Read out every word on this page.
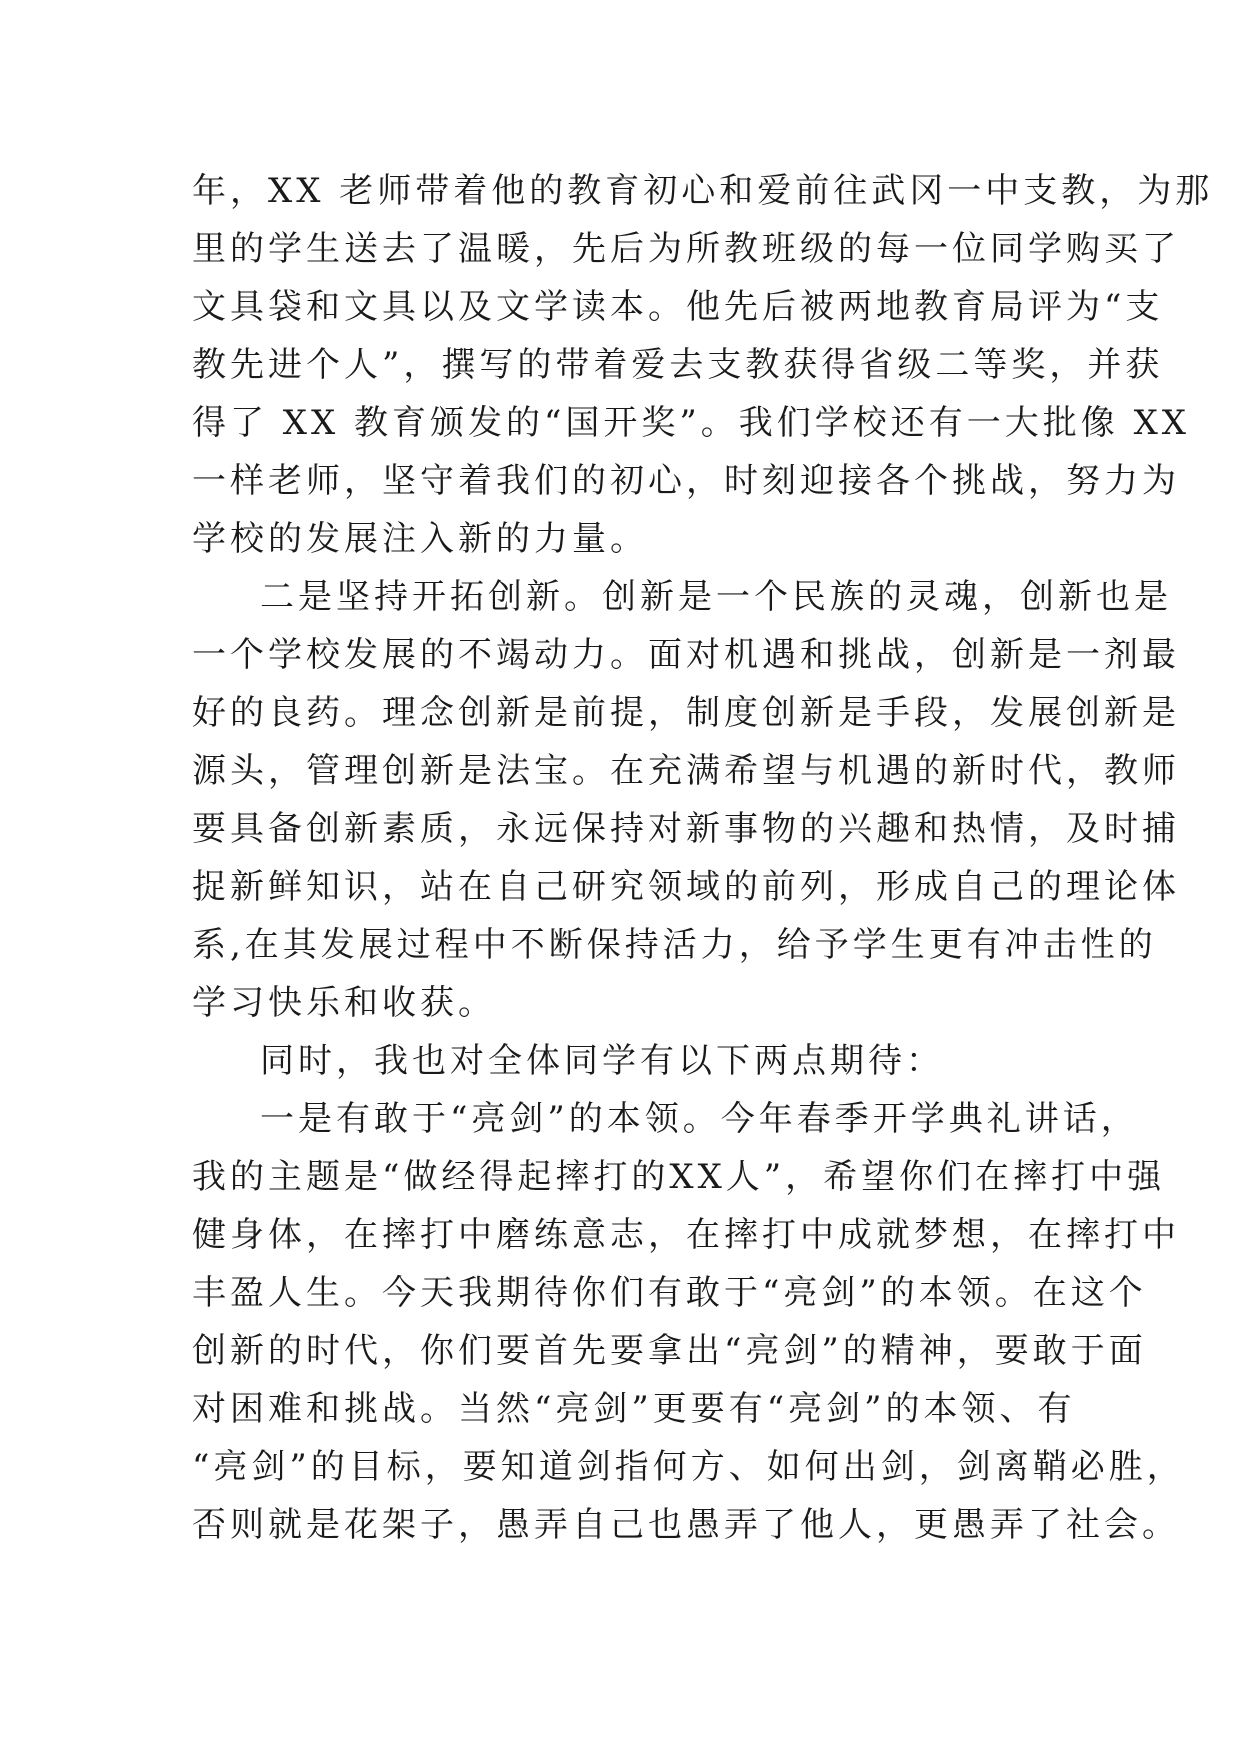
年，XX 老师带着他的教育初心和爱前往武冈一中支教，为那
里的学生送去了温暖，先后为所教班级的每一位同学购买了
文具袋和文具以及文学读本。他先后被两地教育局评为“支
教先进个人”，撰写的带着爱去支教获得省级二等奖，并获
得了 XX 教育颁发的“国开奖”。我们学校还有一大批像 XX
一样老师，坚守着我们的初心，时刻迎接各个挑战，努力为
学校的发展注入新的力量。
二是坚持开拓创新。创新是一个民族的灵魂，创新也是
一个学校发展的不竭动力。面对机遇和挑战，创新是一剂最
好的良药。理念创新是前提，制度创新是手段，发展创新是
源头，管理创新是法宝。在充满希望与机遇的新时代，教师
要具备创新素质，永远保持对新事物的兴趣和热情，及时捕
捉新鲜知识，站在自己研究领域的前列，形成自己的理论体
系,在其发展过程中不断保持活力，给予学生更有冲击性的
学习快乐和收获。
同时，我也对全体同学有以下两点期待：
一是有敢于“亮剑”的本领。今年春季开学典礼讲话，
我的主题是“做经得起摔打的XX人”，希望你们在摔打中强
健身体，在摔打中磨练意志，在摔打中成就梦想，在摔打中
丰盈人生。今天我期待你们有敢于“亮剑”的本领。在这个
创新的时代，你们要首先要拿出“亮剑”的精神，要敢于面
对困难和挑战。当然“亮剑”更要有“亮剑”的本领、有
“亮剑”的目标，要知道剑指何方、如何出剑，剑离鞘必胜，
否则就是花架子，愚弄自己也愚弄了他人，更愚弄了社会。
